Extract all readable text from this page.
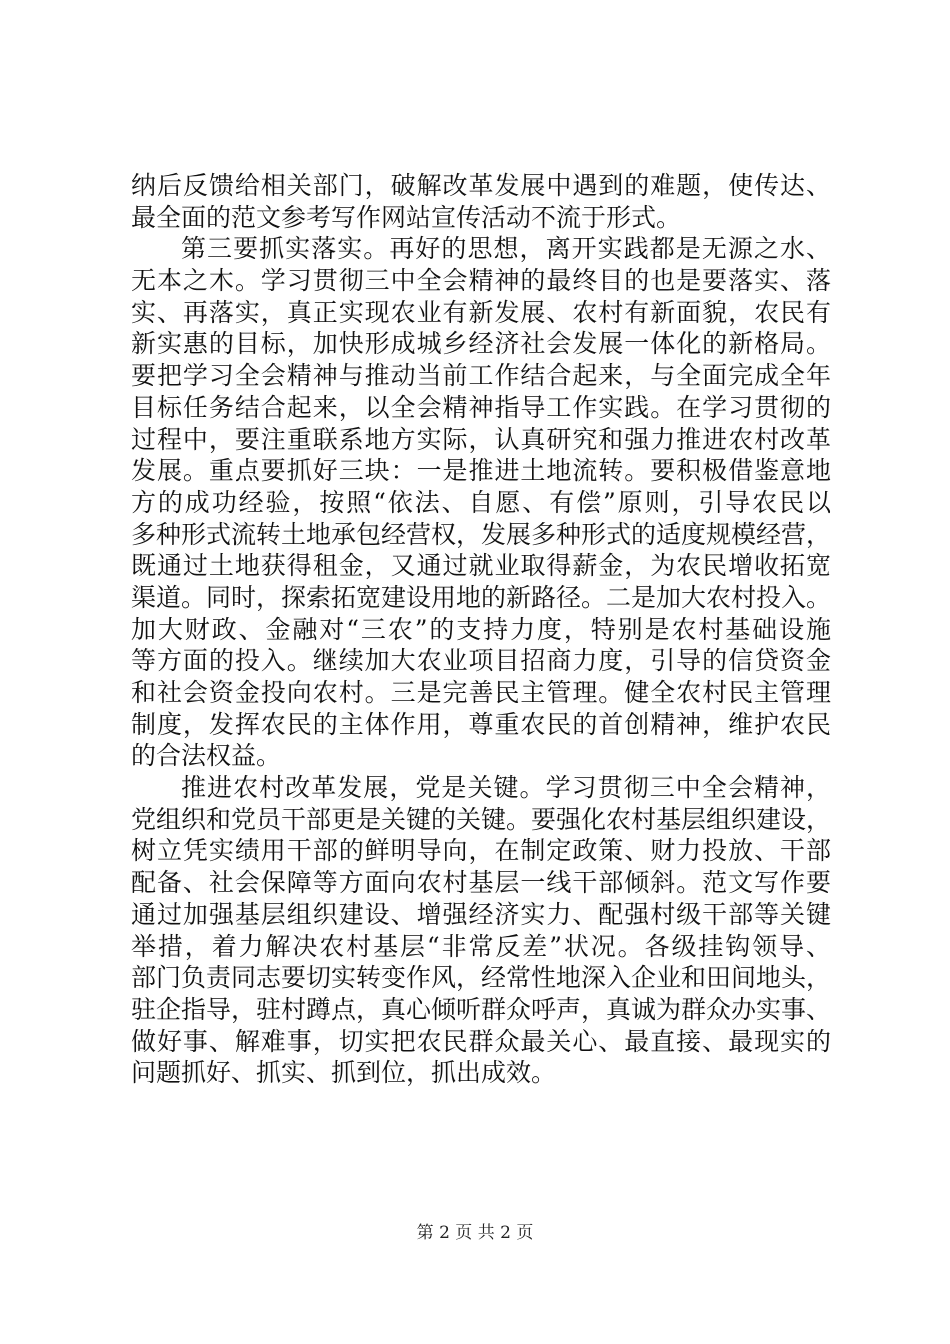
纳后反馈给相关部门，破解改革发展中遇到的难题，使传达、
最全面的范文参考写作网站宣传活动不流于形式。
第三要抓实落实。再好的思想，离开实践都是无源之水、
无本之木。学习贯彻三中全会精神的最终目的也是要落实、落
实、再落实，真正实现农业有新发展、农村有新面貌，农民有
新实惠的目标，加快形成城乡经济社会发展一体化的新格局。
要把学习全会精神与推动当前工作结合起来，与全面完成全年
目标任务结合起来，以全会精神指导工作实践。在学习贯彻的
过程中，要注重联系地方实际，认真研究和强力推进农村改革
发展。重点要抓好三块：一是推进土地流转。要积极借鉴意地
方的成功经验，按照“依法、自愿、有偿”原则，引导农民以
多种形式流转土地承包经营权，发展多种形式的适度规模经营，
既通过土地获得租金，又通过就业取得薪金，为农民增收拓宽
渠道。同时，探索拓宽建设用地的新路径。二是加大农村投入。
加大财政、金融对“三农”的支持力度，特别是农村基础设施
等方面的投入。继续加大农业项目招商力度，引导的信贷资金
和社会资金投向农村。三是完善民主管理。健全农村民主管理
制度，发挥农民的主体作用，尊重农民的首创精神，维护农民
的合法权益。
推进农村改革发展，党是关键。学习贯彻三中全会精神，
党组织和党员干部更是关键的关键。要强化农村基层组织建设，
树立凭实绩用干部的鲜明导向，在制定政策、财力投放、干部
配备、社会保障等方面向农村基层一线干部倾斜。范文写作要
通过加强基层组织建设、增强经济实力、配强村级干部等关键
举措，着力解决农村基层“非常反差”状况。各级挂钩领导、
部门负责同志要切实转变作风，经常性地深入企业和田间地头，
驻企指导，驻村蹲点，真心倾听群众呼声，真诚为群众办实事、
做好事、解难事，切实把农民群众最关心、最直接、最现实的
问题抓好、抓实、抓到位，抓出成效。
第 2 页 共 2 页
